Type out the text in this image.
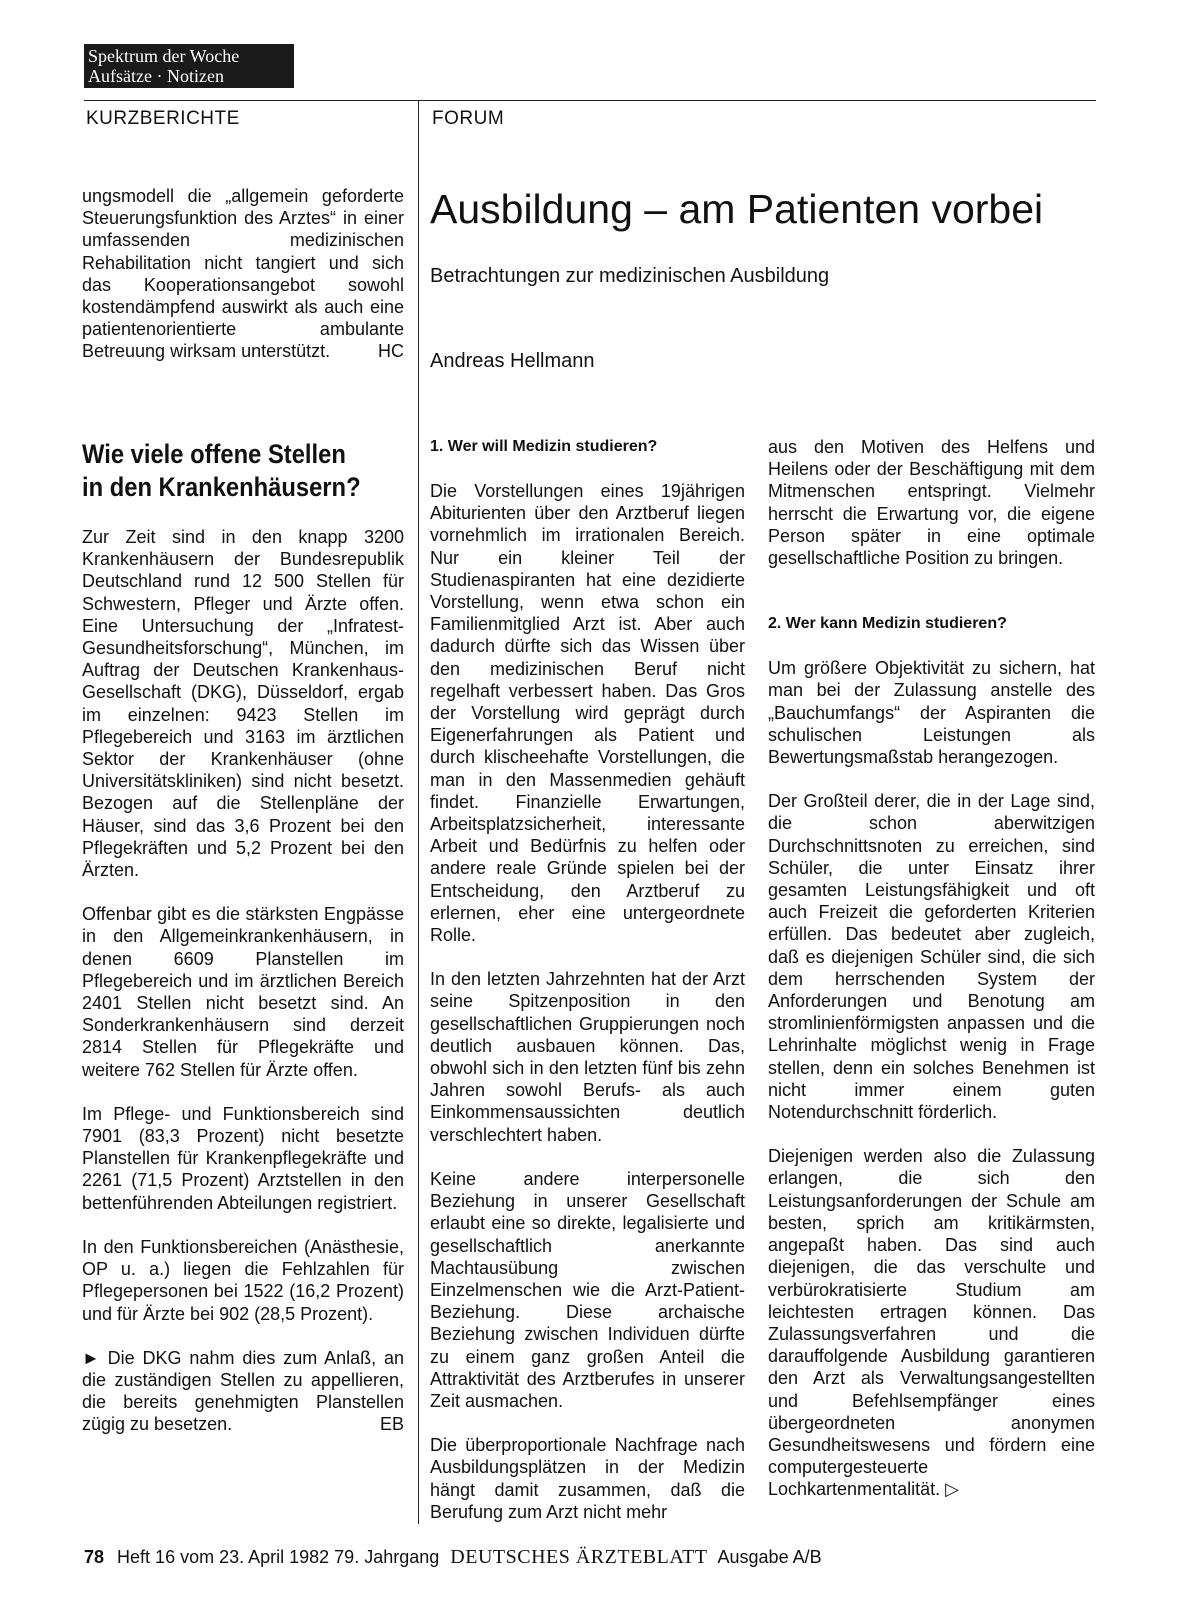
Spektrum der Woche
Aufsätze · Notizen
KURZBERICHTE	FORUM

ungsmodell die „allgemein geforderte Steuerungsfunktion des Arztes“ in einer umfassenden medizinischen Rehabilitation nicht tangiert und sich das Kooperationsangebot sowohl kostendämpfend auswirkt als auch eine patientenorientierte ambulante Betreuung wirksam unterstützt.	HC

Wie viele offene Stellen in den Krankenhäusern?

Zur Zeit sind in den knapp 3200 Krankenhäusern der Bundesrepublik Deutschland rund 12 500 Stellen für Schwestern, Pfleger und Ärzte offen. Eine Untersuchung der „Infratest-Gesundheitsforschung“, München, im Auftrag der Deutschen Krankenhaus-Gesellschaft (DKG), Düsseldorf, ergab im einzelnen: 9423 Stellen im Pflegebereich und 3163 im ärztlichen Sektor der Krankenhäuser (ohne Universitätskliniken) sind nicht besetzt. Bezogen auf die Stellenpläne der Häuser, sind das 3,6 Prozent bei den Pflegekräften und 5,2 Prozent bei den Ärzten.

Offenbar gibt es die stärksten Engpässe in den Allgemeinkrankenhäusern, in denen 6609 Planstellen im Pflegebereich und im ärztlichen Bereich 2401 Stellen nicht besetzt sind. An Sonderkrankenhäusern sind derzeit 2814 Stellen für Pflegekräfte und weitere 762 Stellen für Ärzte offen.

Im Pflege- und Funktionsbereich sind 7901 (83,3 Prozent) nicht besetzte Planstellen für Krankenpflegekräfte und 2261 (71,5 Prozent) Arztstellen in den bettenführenden Abteilungen registriert.

In den Funktionsbereichen (Anästhesie, OP u. a.) liegen die Fehlzahlen für Pflegepersonen bei 1522 (16,2 Prozent) und für Ärzte bei 902 (28,5 Prozent).

► Die DKG nahm dies zum Anlaß, an die zuständigen Stellen zu appellieren, die bereits genehmigten Planstellen zügig zu besetzen.	EB

Ausbildung – am Patienten vorbei
Betrachtungen zur medizinischen Ausbildung
Andreas Hellmann
1. Wer will Medizin studieren?

Die Vorstellungen eines 19jährigen Abiturienten über den Arztberuf liegen vornehmlich im irrationalen Bereich. Nur ein kleiner Teil der Studienaspiranten hat eine dezidierte Vorstellung, wenn etwa schon ein Familienmitglied Arzt ist. Aber auch dadurch dürfte sich das Wissen über den medizinischen Beruf nicht regelhaft verbessert haben. Das Gros der Vorstellung wird geprägt durch Eigenerfahrungen als Patient und durch klischeehafte Vorstellungen, die man in den Massenmedien gehäuft findet. Finanzielle Erwartungen, Arbeitsplatzsicherheit, interessante Arbeit und Bedürfnis zu helfen oder andere reale Gründe spielen bei der Entscheidung, den Arztberuf zu erlernen, eher eine untergeordnete Rolle.

In den letzten Jahrzehnten hat der Arzt seine Spitzenposition in den gesellschaftlichen Gruppierungen noch deutlich ausbauen können. Das, obwohl sich in den letzten fünf bis zehn Jahren sowohl Berufs- als auch Einkommensaussichten deutlich verschlechtert haben.

Keine andere interpersonelle Beziehung in unserer Gesellschaft erlaubt eine so direkte, legalisierte und gesellschaftlich anerkannte Machtausübung zwischen Einzelmenschen wie die Arzt-Patient-Beziehung. Diese archaische Beziehung zwischen Individuen dürfte zu einem ganz großen Anteil die Attraktivität des Arztberufes in unserer Zeit ausmachen.

Die überproportionale Nachfrage nach Ausbildungsplätzen in der Medizin hängt damit zusammen, daß die Berufung zum Arzt nicht mehr

aus den Motiven des Helfens und Heilens oder der Beschäftigung mit dem Mitmenschen entspringt. Vielmehr herrscht die Erwartung vor, die eigene Person später in eine optimale gesellschaftliche Position zu bringen.

2. Wer kann Medizin studieren?

Um größere Objektivität zu sichern, hat man bei der Zulassung anstelle des „Bauchumfangs“ der Aspiranten die schulischen Leistungen als Bewertungsmaßstab herangezogen.

Der Großteil derer, die in der Lage sind, die schon aberwitzigen Durchschnittsnoten zu erreichen, sind Schüler, die unter Einsatz ihrer gesamten Leistungsfähigkeit und oft auch Freizeit die geforderten Kriterien erfüllen. Das bedeutet aber zugleich, daß es diejenigen Schüler sind, die sich dem herrschenden System der Anforderungen und Benotung am stromlinienförmigsten anpassen und die Lehrinhalte möglichst wenig in Frage stellen, denn ein solches Benehmen ist nicht immer einem guten Notendurchschnitt förderlich.

Diejenigen werden also die Zulassung erlangen, die sich den Leistungsanforderungen der Schule am besten, sprich am kritikärmsten, angepaßt haben. Das sind auch diejenigen, die das verschulte und verbürokratisierte Studium am leichtesten ertragen können. Das Zulassungsverfahren und die darauffolgende Ausbildung garantieren den Arzt als Verwaltungsangestellten und Befehlsempfänger eines übergeordneten anonymen Gesundheitswesens und fördern eine computergesteuerte Lochkartenmentalität. ▷

78 Heft 16 vom 23. April 1982 79. Jahrgang DEUTSCHES ÄRZTEBLATT Ausgabe A/B
